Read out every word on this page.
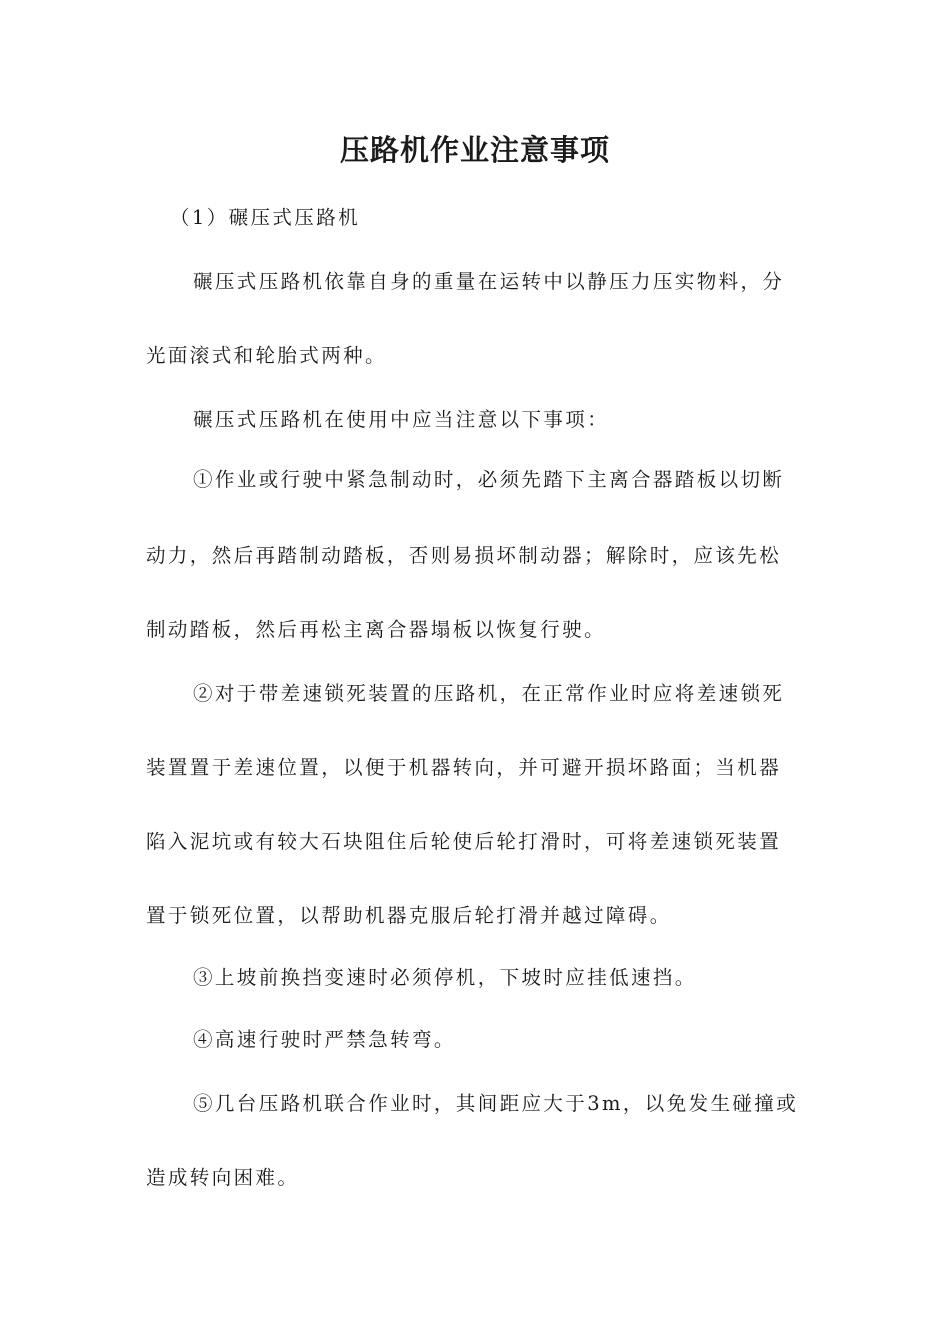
压路机作业注意事项

（1）碾压式压路机

碾压式压路机依靠自身的重量在运转中以静压力压实物料，分

光面滚式和轮胎式两种。

碾压式压路机在使用中应当注意以下事项：

①作业或行驶中紧急制动时，必须先踏下主离合器踏板以切断

动力，然后再踏制动踏板，否则易损坏制动器；解除时，应该先松

制动踏板，然后再松主离合器塌板以恢复行驶。

②对于带差速锁死装置的压路机，在正常作业时应将差速锁死

装置置于差速位置，以便于机器转向，并可避开损坏路面；当机器

陷入泥坑或有较大石块阻住后轮使后轮打滑时，可将差速锁死装置

置于锁死位置，以帮助机器克服后轮打滑并越过障碍。

③上坡前换挡变速时必须停机，下坡时应挂低速挡。

④高速行驶时严禁急转弯。

⑤几台压路机联合作业时，其间距应大于3m，以免发生碰撞或

造成转向困难。
